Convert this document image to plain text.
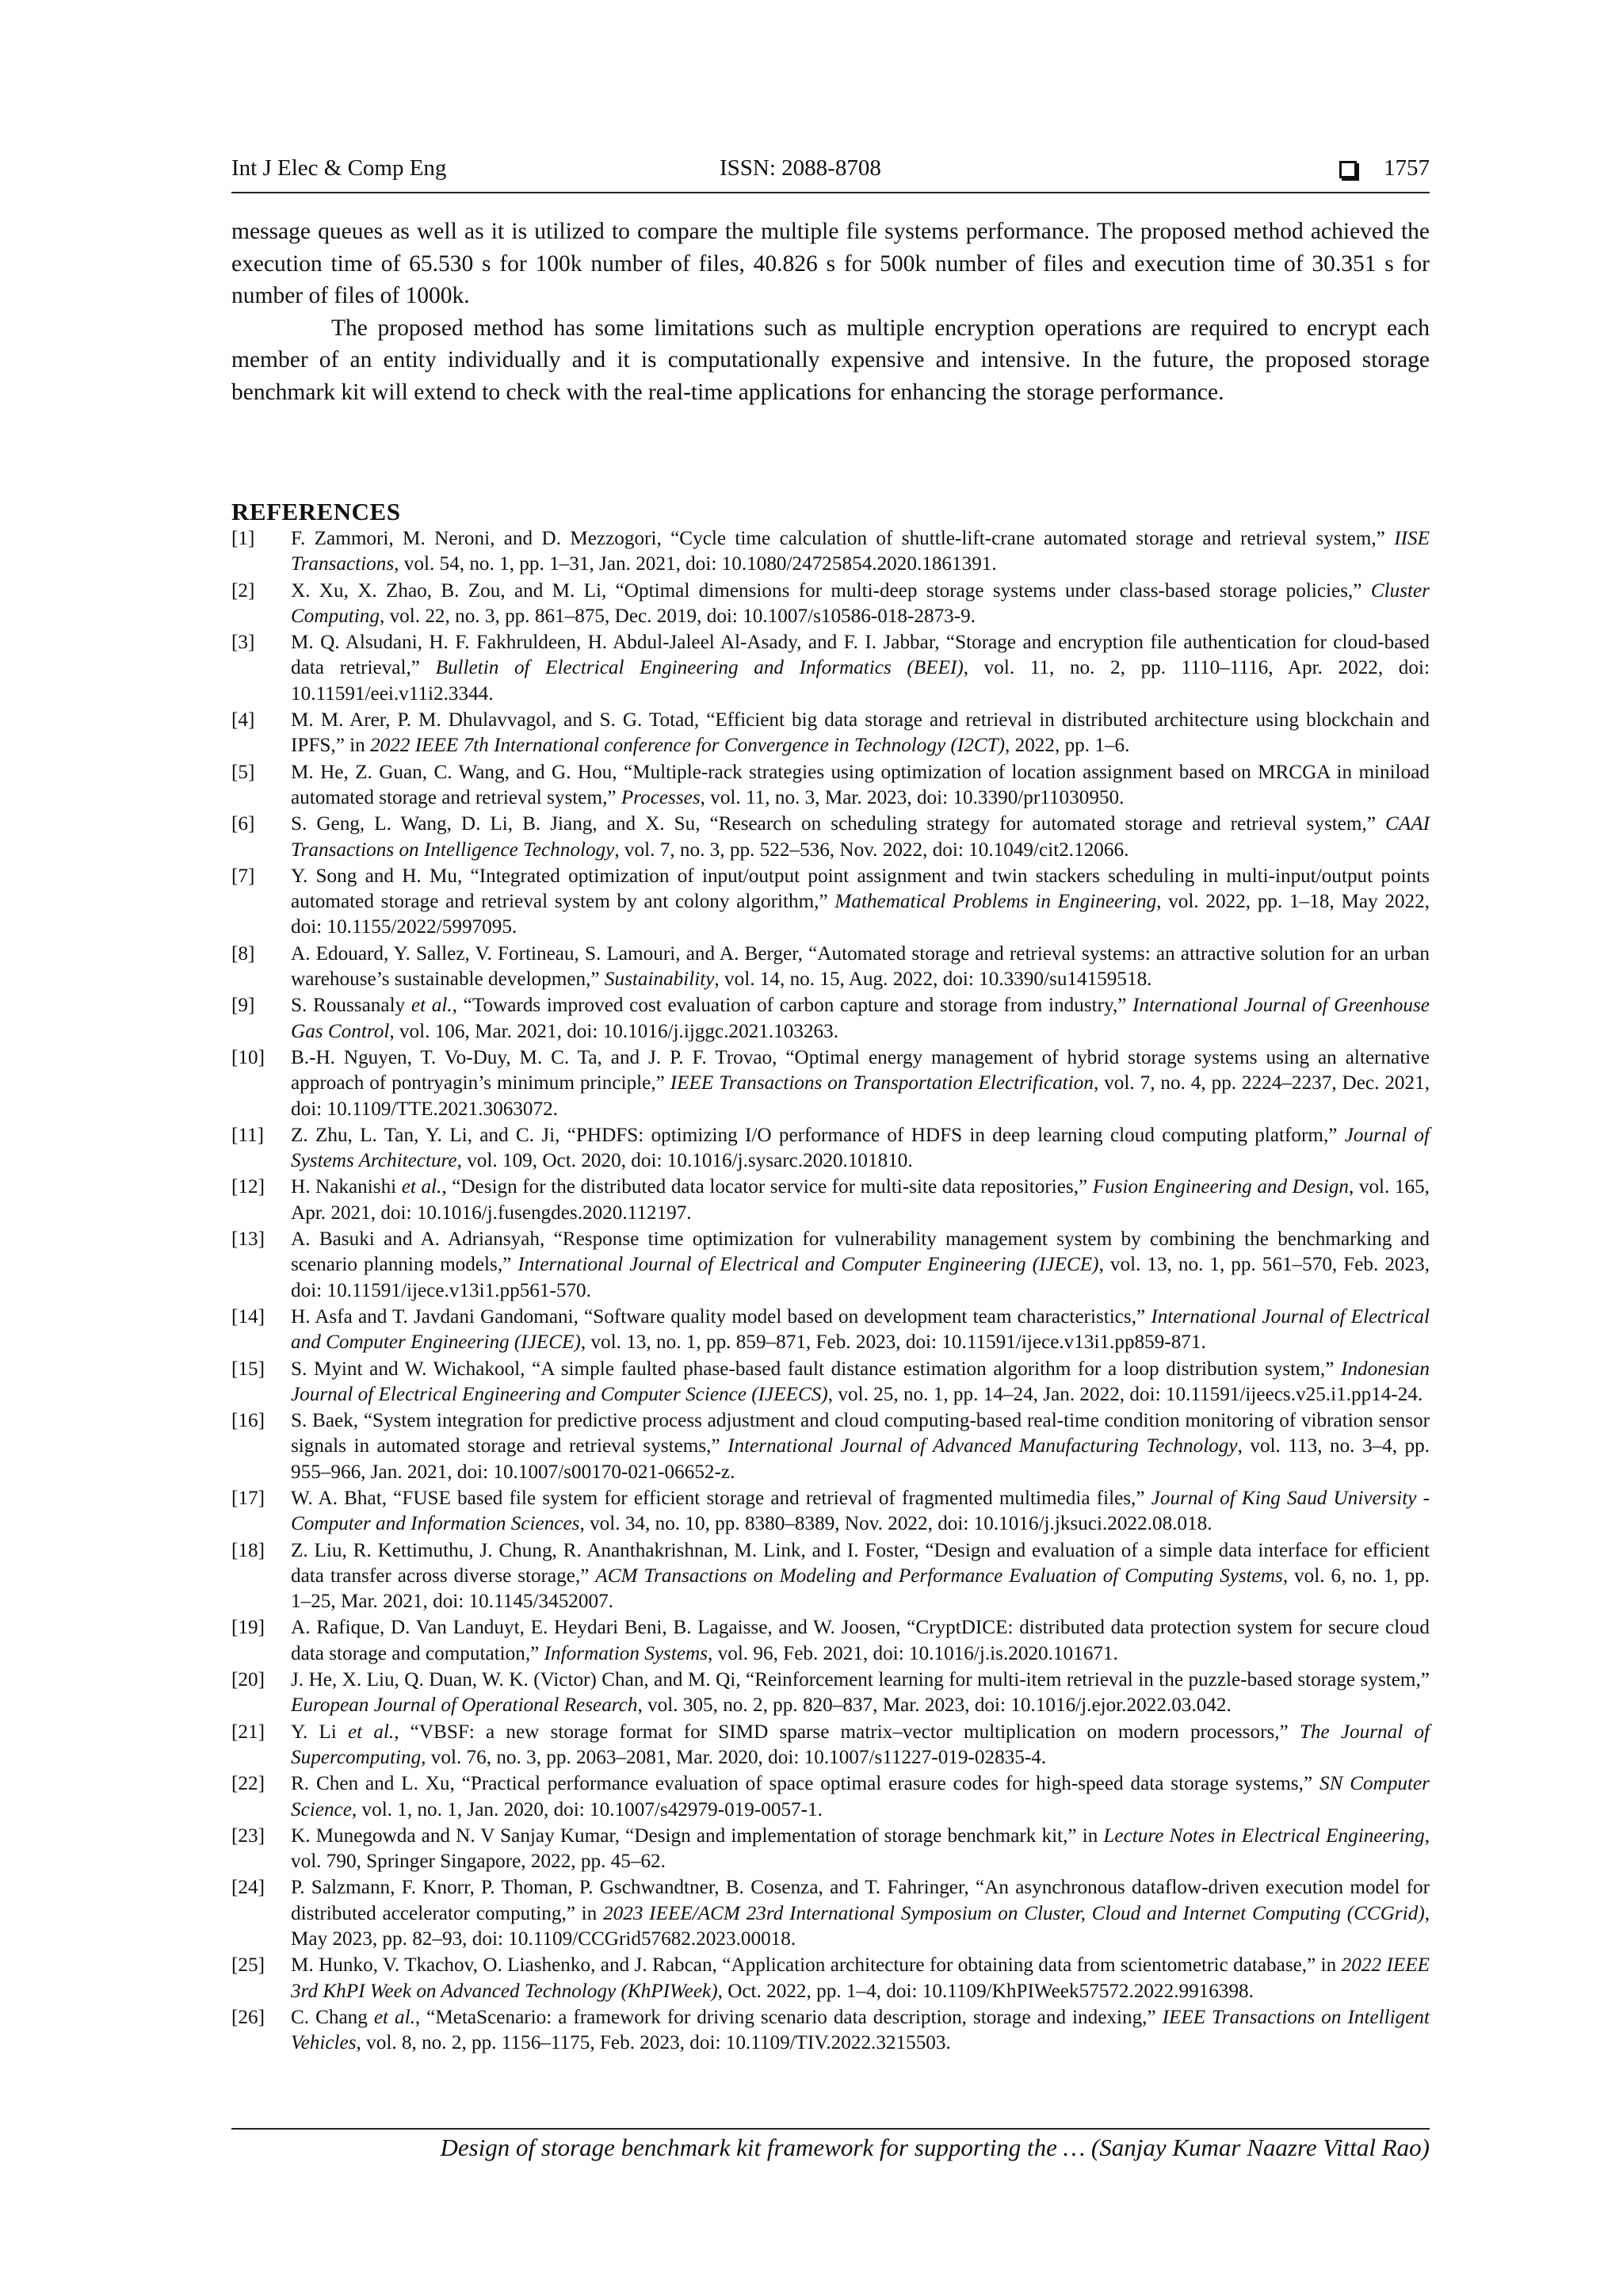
Int J Elec & Comp Eng	ISSN: 2088-8708	1757

message queues as well as it is utilized to compare the multiple file systems performance. The proposed method achieved the execution time of 65.530 s for 100k number of files, 40.826 s for 500k number of files and execution time of 30.351 s for number of files of 1000k.

The proposed method has some limitations such as multiple encryption operations are required to encrypt each member of an entity individually and it is computationally expensive and intensive. In the future, the proposed storage benchmark kit will extend to check with the real-time applications for enhancing the storage performance.

REFERENCES
[1]	F. Zammori, M. Neroni, and D. Mezzogori, “Cycle time calculation of shuttle-lift-crane automated storage and retrieval system,” IISE Transactions, vol. 54, no. 1, pp. 1–31, Jan. 2021, doi: 10.1080/24725854.2020.1861391.
[2]	X. Xu, X. Zhao, B. Zou, and M. Li, “Optimal dimensions for multi-deep storage systems under class-based storage policies,” Cluster Computing, vol. 22, no. 3, pp. 861–875, Dec. 2019, doi: 10.1007/s10586-018-2873-9.
[3]	M. Q. Alsudani, H. F. Fakhruldeen, H. Abdul-Jaleel Al-Asady, and F. I. Jabbar, “Storage and encryption file authentication for cloud-based data retrieval,” Bulletin of Electrical Engineering and Informatics (BEEI), vol. 11, no. 2, pp. 1110–1116, Apr. 2022, doi: 10.11591/eei.v11i2.3344.
[4]	M. M. Arer, P. M. Dhulavvagol, and S. G. Totad, “Efficient big data storage and retrieval in distributed architecture using blockchain and IPFS,” in 2022 IEEE 7th International conference for Convergence in Technology (I2CT), 2022, pp. 1–6.
[5]	M. He, Z. Guan, C. Wang, and G. Hou, “Multiple-rack strategies using optimization of location assignment based on MRCGA in miniload automated storage and retrieval system,” Processes, vol. 11, no. 3, Mar. 2023, doi: 10.3390/pr11030950.
[6]	S. Geng, L. Wang, D. Li, B. Jiang, and X. Su, “Research on scheduling strategy for automated storage and retrieval system,” CAAI Transactions on Intelligence Technology, vol. 7, no. 3, pp. 522–536, Nov. 2022, doi: 10.1049/cit2.12066.
[7]	Y. Song and H. Mu, “Integrated optimization of input/output point assignment and twin stackers scheduling in multi-input/output points automated storage and retrieval system by ant colony algorithm,” Mathematical Problems in Engineering, vol. 2022, pp. 1–18, May 2022, doi: 10.1155/2022/5997095.
[8]	A. Edouard, Y. Sallez, V. Fortineau, S. Lamouri, and A. Berger, “Automated storage and retrieval systems: an attractive solution for an urban warehouse’s sustainable developmen,” Sustainability, vol. 14, no. 15, Aug. 2022, doi: 10.3390/su14159518.
[9]	S. Roussanaly et al., “Towards improved cost evaluation of carbon capture and storage from industry,” International Journal of Greenhouse Gas Control, vol. 106, Mar. 2021, doi: 10.1016/j.ijggc.2021.103263.
[10]	B.-H. Nguyen, T. Vo-Duy, M. C. Ta, and J. P. F. Trovao, “Optimal energy management of hybrid storage systems using an alternative approach of pontryagin’s minimum principle,” IEEE Transactions on Transportation Electrification, vol. 7, no. 4, pp. 2224–2237, Dec. 2021, doi: 10.1109/TTE.2021.3063072.
[11]	Z. Zhu, L. Tan, Y. Li, and C. Ji, “PHDFS: optimizing I/O performance of HDFS in deep learning cloud computing platform,” Journal of Systems Architecture, vol. 109, Oct. 2020, doi: 10.1016/j.sysarc.2020.101810.
[12]	H. Nakanishi et al., “Design for the distributed data locator service for multi-site data repositories,” Fusion Engineering and Design, vol. 165, Apr. 2021, doi: 10.1016/j.fusengdes.2020.112197.
[13]	A. Basuki and A. Adriansyah, “Response time optimization for vulnerability management system by combining the benchmarking and scenario planning models,” International Journal of Electrical and Computer Engineering (IJECE), vol. 13, no. 1, pp. 561–570, Feb. 2023, doi: 10.11591/ijece.v13i1.pp561-570.
[14]	H. Asfa and T. Javdani Gandomani, “Software quality model based on development team characteristics,” International Journal of Electrical and Computer Engineering (IJECE), vol. 13, no. 1, pp. 859–871, Feb. 2023, doi: 10.11591/ijece.v13i1.pp859-871.
[15]	S. Myint and W. Wichakool, “A simple faulted phase-based fault distance estimation algorithm for a loop distribution system,” Indonesian Journal of Electrical Engineering and Computer Science (IJEECS), vol. 25, no. 1, pp. 14–24, Jan. 2022, doi: 10.11591/ijeecs.v25.i1.pp14-24.
[16]	S. Baek, “System integration for predictive process adjustment and cloud computing-based real-time condition monitoring of vibration sensor signals in automated storage and retrieval systems,” International Journal of Advanced Manufacturing Technology, vol. 113, no. 3–4, pp. 955–966, Jan. 2021, doi: 10.1007/s00170-021-06652-z.
[17]	W. A. Bhat, “FUSE based file system for efficient storage and retrieval of fragmented multimedia files,” Journal of King Saud University - Computer and Information Sciences, vol. 34, no. 10, pp. 8380–8389, Nov. 2022, doi: 10.1016/j.jksuci.2022.08.018.
[18]	Z. Liu, R. Kettimuthu, J. Chung, R. Ananthakrishnan, M. Link, and I. Foster, “Design and evaluation of a simple data interface for efficient data transfer across diverse storage,” ACM Transactions on Modeling and Performance Evaluation of Computing Systems, vol. 6, no. 1, pp. 1–25, Mar. 2021, doi: 10.1145/3452007.
[19]	A. Rafique, D. Van Landuyt, E. Heydari Beni, B. Lagaisse, and W. Joosen, “CryptDICE: distributed data protection system for secure cloud data storage and computation,” Information Systems, vol. 96, Feb. 2021, doi: 10.1016/j.is.2020.101671.
[20]	J. He, X. Liu, Q. Duan, W. K. (Victor) Chan, and M. Qi, “Reinforcement learning for multi-item retrieval in the puzzle-based storage system,” European Journal of Operational Research, vol. 305, no. 2, pp. 820–837, Mar. 2023, doi: 10.1016/j.ejor.2022.03.042.
[21]	Y. Li et al., “VBSF: a new storage format for SIMD sparse matrix–vector multiplication on modern processors,” The Journal of Supercomputing, vol. 76, no. 3, pp. 2063–2081, Mar. 2020, doi: 10.1007/s11227-019-02835-4.
[22]	R. Chen and L. Xu, “Practical performance evaluation of space optimal erasure codes for high-speed data storage systems,” SN Computer Science, vol. 1, no. 1, Jan. 2020, doi: 10.1007/s42979-019-0057-1.
[23]	K. Munegowda and N. V Sanjay Kumar, “Design and implementation of storage benchmark kit,” in Lecture Notes in Electrical Engineering, vol. 790, Springer Singapore, 2022, pp. 45–62.
[24]	P. Salzmann, F. Knorr, P. Thoman, P. Gschwandtner, B. Cosenza, and T. Fahringer, “An asynchronous dataflow-driven execution model for distributed accelerator computing,” in 2023 IEEE/ACM 23rd International Symposium on Cluster, Cloud and Internet Computing (CCGrid), May 2023, pp. 82–93, doi: 10.1109/CCGrid57682.2023.00018.
[25]	M. Hunko, V. Tkachov, O. Liashenko, and J. Rabcan, “Application architecture for obtaining data from scientometric database,” in 2022 IEEE 3rd KhPI Week on Advanced Technology (KhPIWeek), Oct. 2022, pp. 1–4, doi: 10.1109/KhPIWeek57572.2022.9916398.
[26]	C. Chang et al., “MetaScenario: a framework for driving scenario data description, storage and indexing,” IEEE Transactions on Intelligent Vehicles, vol. 8, no. 2, pp. 1156–1175, Feb. 2023, doi: 10.1109/TIV.2022.3215503.
Design of storage benchmark kit framework for supporting the … (Sanjay Kumar Naazre Vittal Rao)
